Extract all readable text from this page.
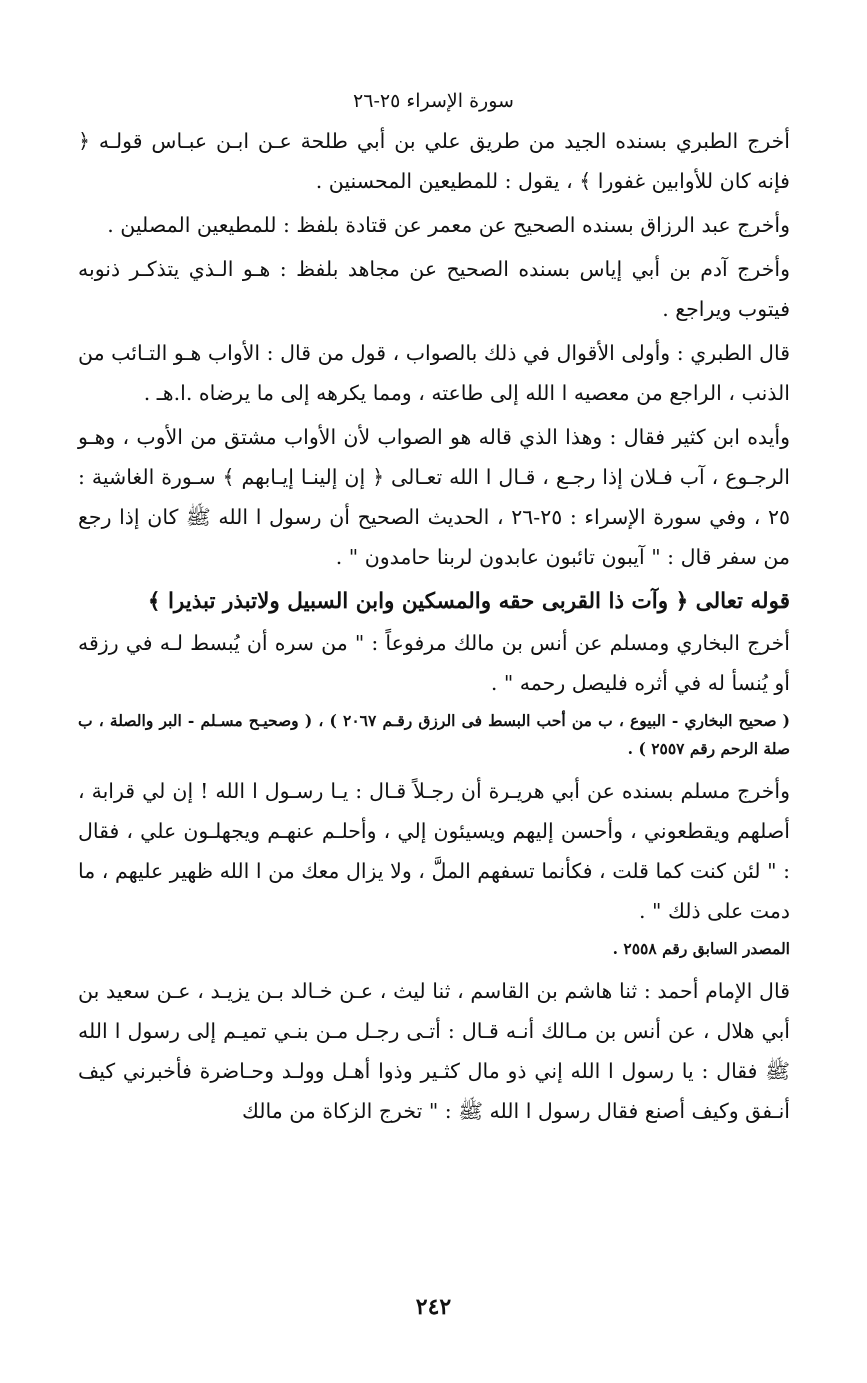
سورة الإسراء ٢٥-٢٦

أخرج الطبري بسنده الجيد من طريق علي بن أبي طلحة عـن ابـن عبـاس قولـه ﴿ فإنه كان للأوابين غفورا ﴾ ، يقول : للمطيعين المحسنين .

وأخرج عبد الرزاق بسنده الصحيح عن معمر عن قتادة بلفظ : للمطيعين المصلين .

وأخرج آدم بن أبي إياس بسنده الصحيح عن مجاهد بلفظ : هـو الـذي يتذكـر ذنوبه فيتوب ويراجع .

قال الطبري : وأولى الأقوال في ذلك بالصواب ، قول من قال : الأواب هـو التـائب من الذنب ، الراجع من معصيه ا الله إلى طاعته ، ومما يكرهه إلى ما يرضاه .ا.هـ .

وأيده ابن كثير فقال : وهذا الذي قاله هو الصواب لأن الأواب مشتق من الأوب ، وهـو الرجـوع ، آب فـلان إذا رجـع ، قـال ا الله تعـالى ﴿ إن إلينـا إيـابهم ﴾ سـورة الغاشية : ٢٥ ، وفي سورة الإسراء : ٢٥-٢٦ ، الحديث الصحيح أن رسول ا الله ﷺ كان إذا رجع من سفر قال : " آيبون تائبون عابدون لربنا حامدون " .

قوله تعالى ﴿ وآت ذا القربى حقه والمسكين وابن السبيل ولاتبذر تبذيرا ﴾

أخرج البخاري ومسلم عن أنس بن مالك مرفوعاً : " من سره أن يُبسط لـه في رزقه أو يُنسأ له في أثره فليصل رحمه " .

( صحيح البخاري - البيوع ، ب من أحب البسط فى الرزق رقـم ٢٠٦٧ ) ، ( وصحيـح مسـلم - البر والصلة ، ب صلة الرحم رقم ٢٥٥٧ ) .

وأخرج مسلم بسنده عن أبي هريـرة أن رجـلاً قـال : يـا رسـول ا الله ! إن لي قرابة ، أصلهم ويقطعوني ، وأحسن إليهم ويسيئون إلي ، وأحلـم عنهـم ويجهلـون علي ، فقال : " لئن كنت كما قلت ، فكأنما تسفهم الملَّ ، ولا يزال معك من ا الله ظهير عليهم ، ما دمت على ذلك " .

المصدر السابق رقم ٢٥٥٨ .

قال الإمام أحمد : ثنا هاشم بن القاسم ، ثنا ليث ، عـن خـالد بـن يزيـد ، عـن سعيد بن أبي هلال ، عن أنس بن مـالك أنـه قـال : أتـى رجـل مـن بنـي تميـم إلى رسول ا الله ﷺ فقال : يا رسول ا الله إني ذو مال كثـير وذوا أهـل وولـد وحـاضرة فأخبرني كيف أنـفق وكيف أصنع فقال رسول ا الله ﷺ : " تخرج الزكاة من مالك

٢٤٢
